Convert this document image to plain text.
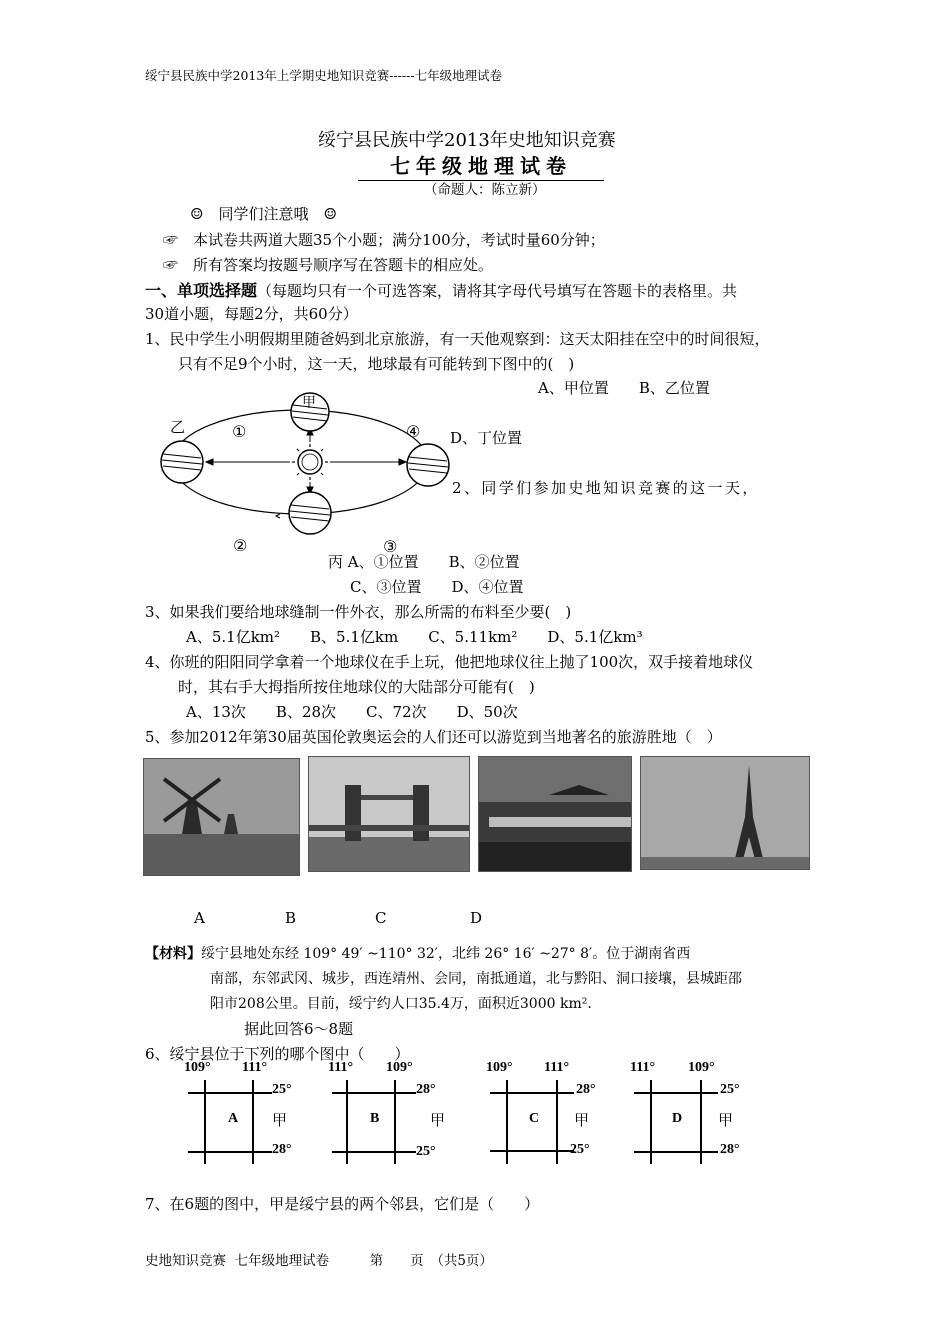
绥宁县民族中学2013年上学期史地知识竞赛------七年级地理试卷
绥宁县民族中学2013年史地知识竞赛
七年级地理试卷
（命题人：陈立新）
☺　同学们注意哦　☺
☞　本试卷共两道大题35个小题；满分100分，考试时量60分钟；
☞　所有答案均按题号顺序写在答题卡的相应处。
一、单项选择题（每题均只有一个可选答案，请将其字母代号填写在答题卡的表格里。共
30道小题，每题2分，共60分）
1、民中学生小明假期里随爸妈到北京旅游，有一天他观察到：这天太阳挂在空中的时间很短，
只有不足9个小时，这一天，地球最有可能转到下图中的(　)
A、甲位置　　B、乙位置
D、丁位置
乙
甲
①	④
②	③
2、同学们参加史地知识竞赛的这一天，
丙 A、①位置　　B、②位置
C、③位置　　D、④位置
3、如果我们要给地球缝制一件外衣，那么所需的布料至少要(　)
A、5.1亿km²　　B、5.1亿km　　C、5.11km²　　D、5.1亿km³
4、你班的阳阳同学拿着一个地球仪在手上玩，他把地球仪往上抛了100次，双手接着地球仪
时，其右手大拇指所按住地球仪的大陆部分可能有(　)
A、13次　　B、28次　　C、72次　　D、50次
5、参加2012年第30届英国伦敦奥运会的人们还可以游览到当地著名的旅游胜地（　）
A	B	C	D
【材料】绥宁县地处东经 109° 49′ ~110° 32′，北纬 26° 16′ ~27° 8′。位于湖南省西
南部，东邻武冈、城步，西连靖州、会同，南抵通道，北与黔阳、洞口接壤，县城距邵
阳市208公里。目前，绥宁约人口35.4万，面积近3000 km².
据此回答6～8题
6、绥宁县位于下列的哪个图中（　　）
109° 111°
25°
28°
A 甲
111° 109°
28°
25°
B	甲
109° 111°
28°
25°
C 甲
111° 109°
25°
28°
D 甲
7、在6题的图中，甲是绥宁县的两个邻县，它们是（　　）
史地知识竞赛  七年级地理试卷　　　第　　页　（共5页）
